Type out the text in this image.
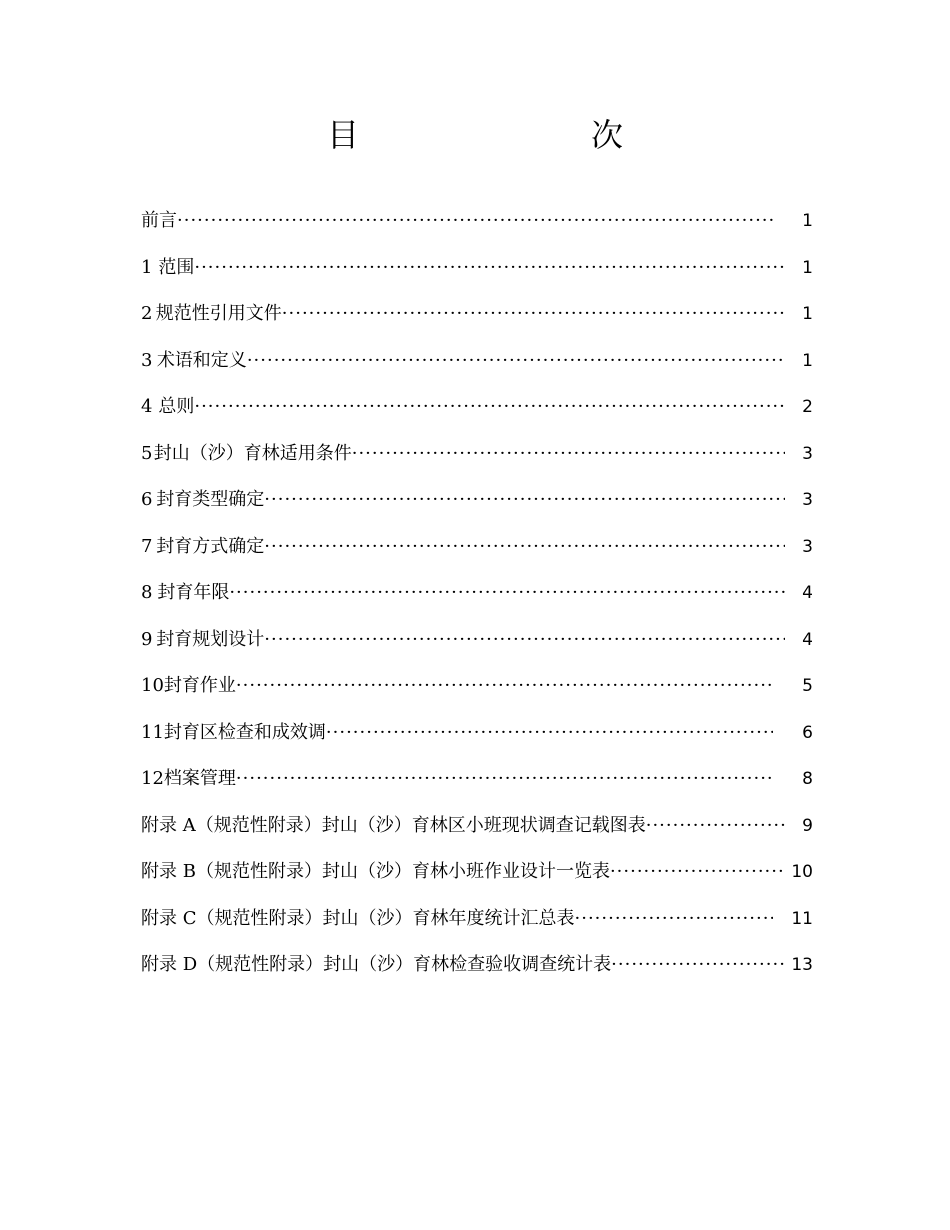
目　　次
前言 ·····	1
1 范围 ·····	1
2 规范性引用文件 ·····	1
3 术语和定义 ·····	1
4 总则 ·····	2
5 封山（沙）育林适用条件 ·····	3
6 封育类型确定 ·····	3
7 封育方式确定 ·····	3
8 封育年限 ·····	4
9 封育规划设计 ·····	4
10 封育作业 ·····	5
11 封育区检查和成效调 ·····	6
12 档案管理 ·····	8
附录 A（规范性附录）封山（沙）育林区小班现状调查记载图表 ·····	9
附录 B（规范性附录）封山（沙）育林小班作业设计一览表 ·····	10
附录 C（规范性附录）封山（沙）育林年度统计汇总表 ·····	11
附录 D（规范性附录）封山（沙）育林检查验收调查统计表 ·····	13
